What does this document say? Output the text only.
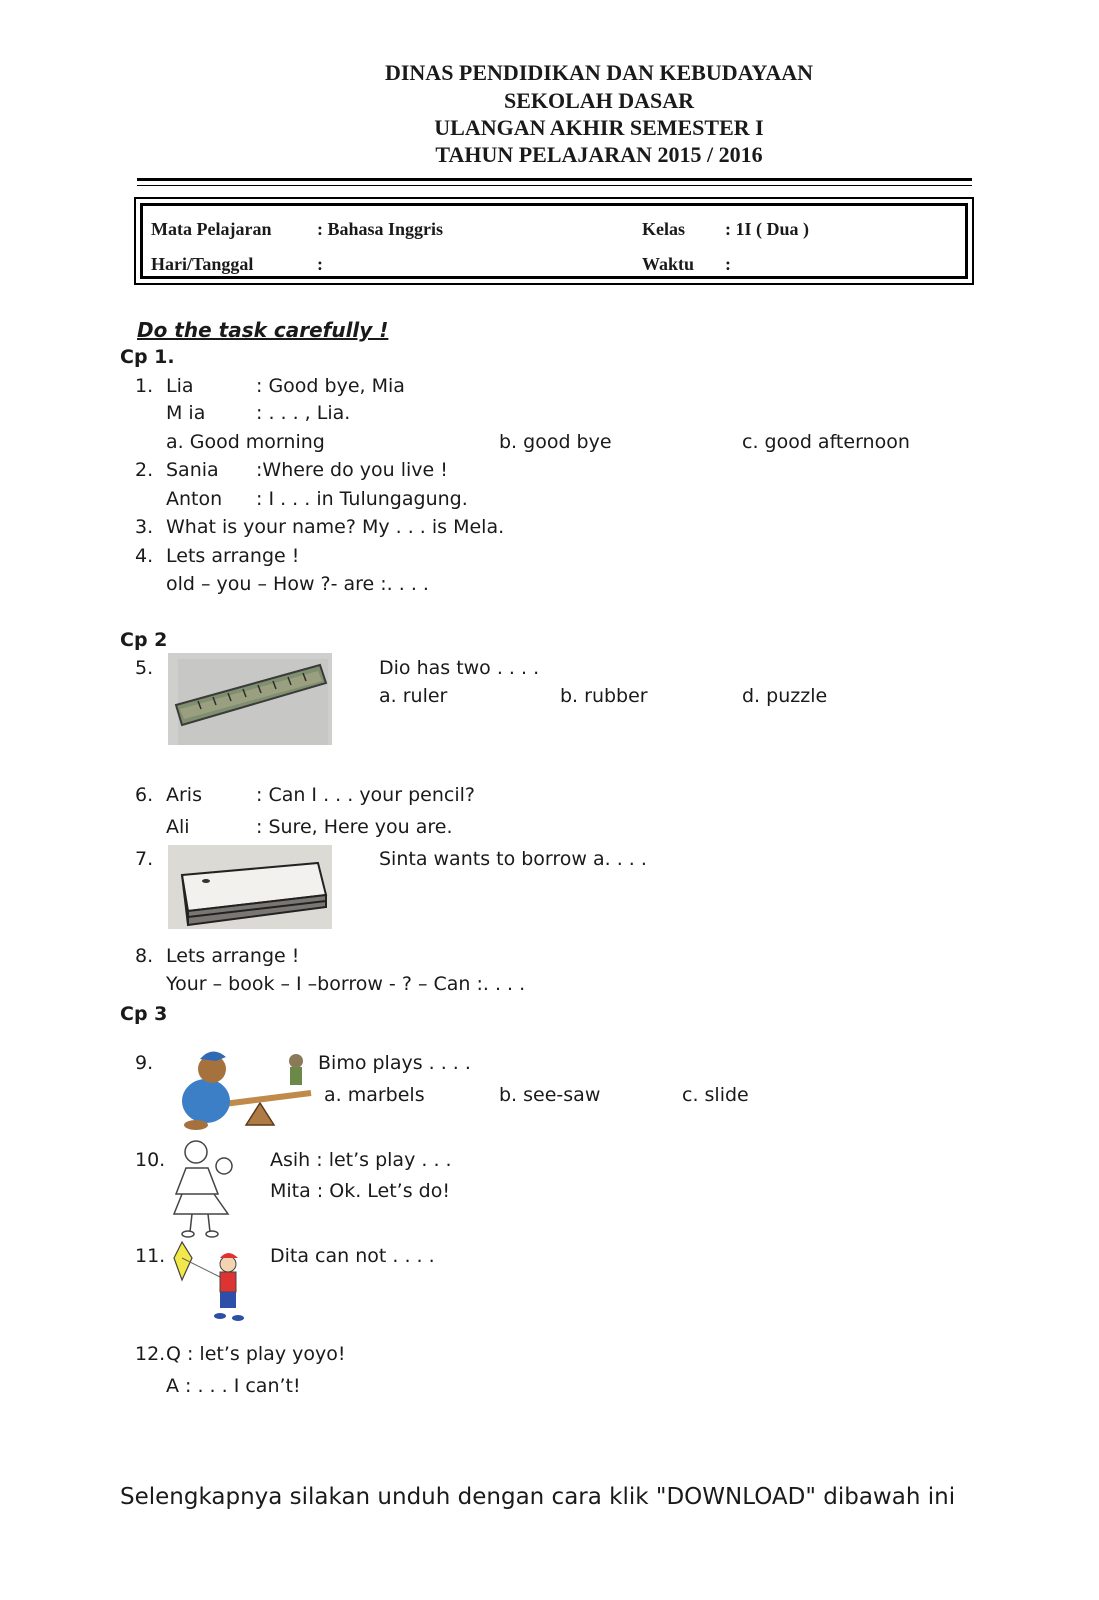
DINAS PENDIDIKAN DAN KEBUDAYAAN
SEKOLAH DASAR
ULANGAN AKHIR SEMESTER I
TAHUN PELAJARAN 2015 / 2016
Mata Pelajaran	: Bahasa Inggris	Kelas : 1I ( Dua )
Hari/Tanggal	:	Waktu :
Do the task carefully !
Cp 1.
1. Lia	: Good bye, Mia
M ia	: . . . , Lia.
a. Good morning	b. good bye	c. good afternoon
2. Sania :Where do you live !
Anton : I . . . in Tulungagung.
3. What is your name? My . . . is Mela.
4. Lets arrange !
old – you – How ?- are :. . . .
Cp 2
5.	Dio has two . . . .
a. ruler	b. rubber	d. puzzle
6. Aris	: Can I . . . your pencil?
Ali	: Sure, Here you are.
7.	Sinta wants to borrow a. . . .
8. Lets arrange !
Your – book – I –borrow - ? – Can :. . . .
Cp 3
9.	Bimo plays . . . .
a. marbels	b. see-saw	c. slide
10.	Asih : let’s play . . .
Mita : Ok. Let’s do!
11.	Dita can not . . . .
12. Q : let’s play yoyo!
A : . . . I can’t!
Selengkapnya silakan unduh dengan cara klik "DOWNLOAD" dibawah ini
